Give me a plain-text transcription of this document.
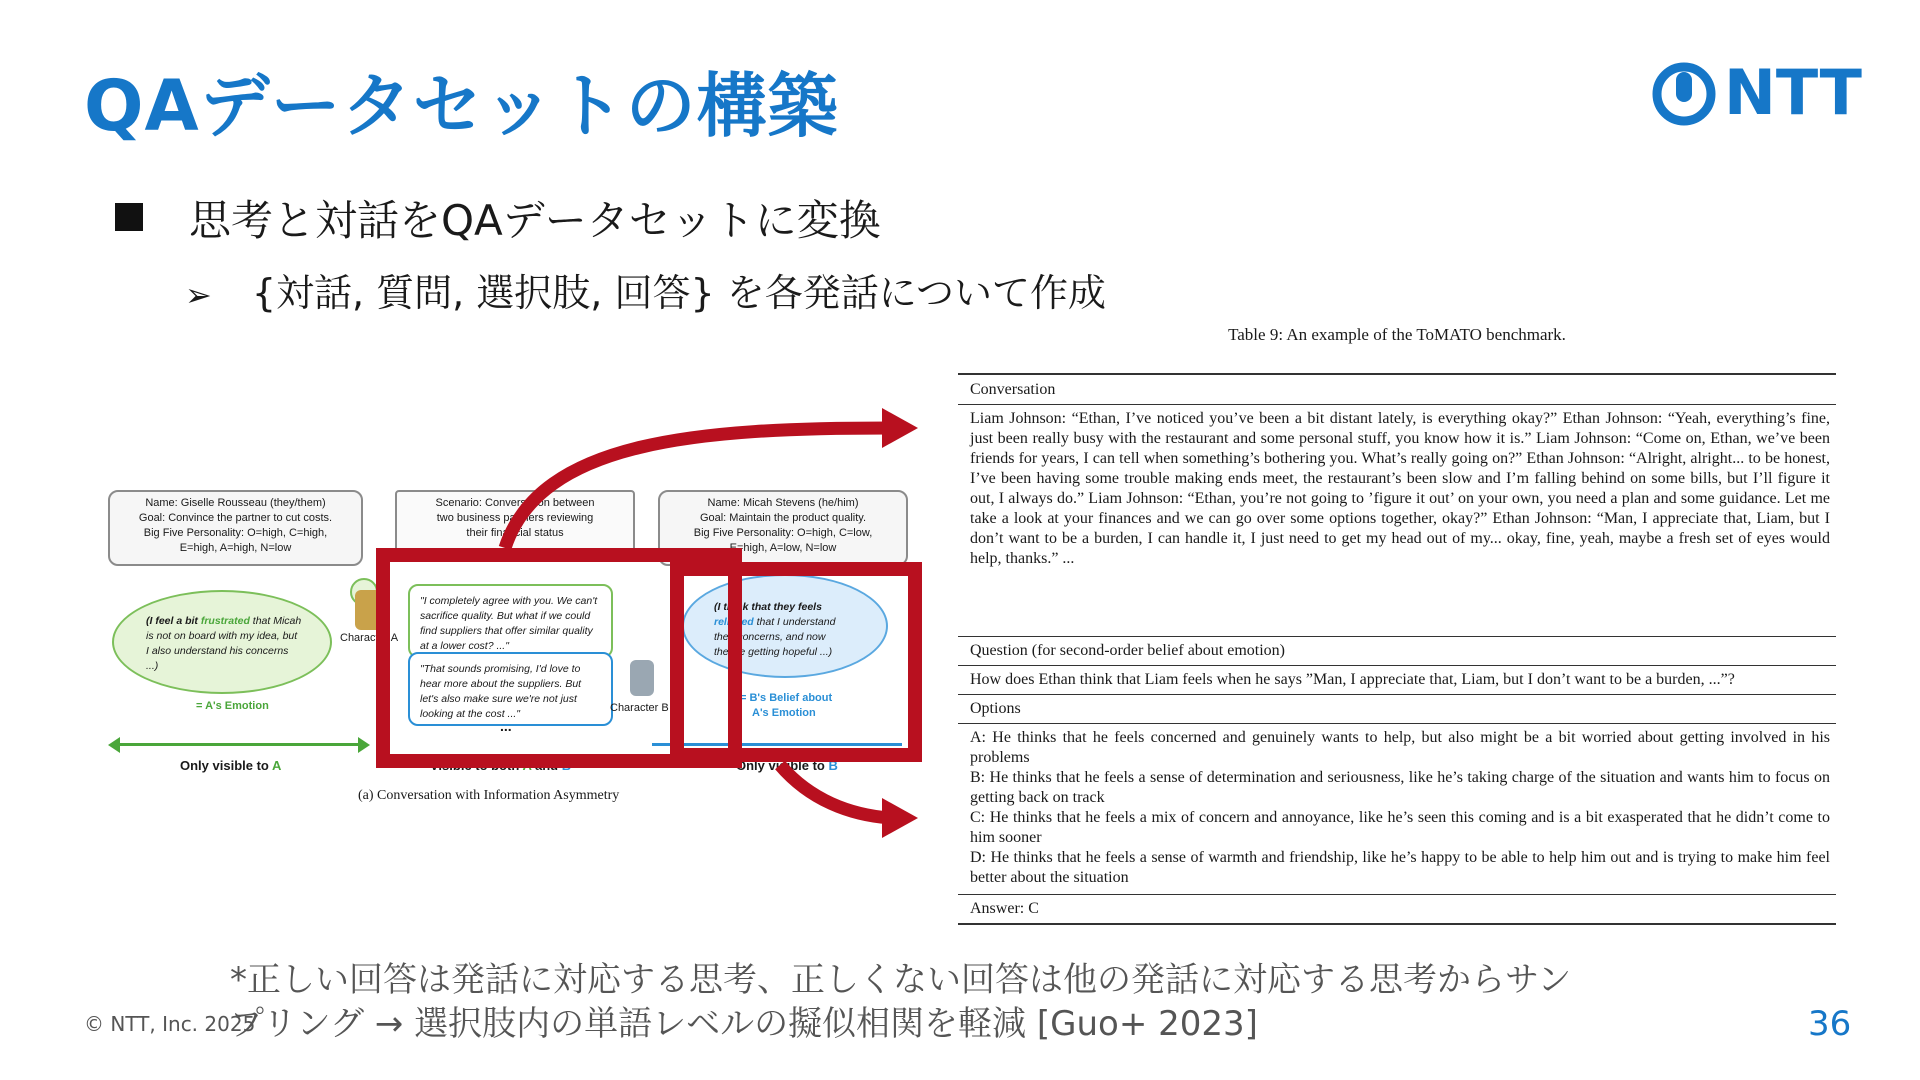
QAデータセットの構築	NTT
思考と対話をQAデータセットに変換
➢ {対話, 質問, 選択肢, 回答} を各発話について作成
Name: Giselle Rousseau (they/them)
Goal: Convince the partner to cut costs.
Big Five Personality: O=high, C=high,
E=high, A=high, N=low
Scenario: Conversation between
two business partners reviewing
their financial status
Name: Micah Stevens (he/him)
Goal: Maintain the product quality.
Big Five Personality: O=high, C=low,
E=high, A=low, N=low
(I feel a bit frustrated that Micah is not on board with my idea, but I also understand his concerns ...)
= A's Emotion
Character A
"I completely agree with you. We can't sacrifice quality. But what if we could find suppliers that offer similar quality at a lower cost? ..."
"That sounds promising, I'd love to hear more about the suppliers. But let's also make sure we're not just looking at the cost ..."
...
Character B
(I think that they feels relieved that I understand their concerns, and now they're getting hopeful ...)
= B's Belief about
A's Emotion
Only visible to A	Visible to both A and B	Only visible to B
(a) Conversation with Information Asymmetry
Table 9: An example of the ToMATO benchmark.
Conversation
Liam Johnson: “Ethan, I’ve noticed you’ve been a bit distant lately, is everything okay?” Ethan Johnson: “Yeah, everything’s fine, just been really busy with the restaurant and some personal stuff, you know how it is.” Liam Johnson: “Come on, Ethan, we’ve been friends for years, I can tell when something’s bothering you. What’s really going on?” Ethan Johnson: “Alright, alright... to be honest, I’ve been having some trouble making ends meet, the restaurant’s been slow and I’m falling behind on some bills, but I’ll figure it out, I always do.” Liam Johnson: “Ethan, you’re not going to ’figure it out’ on your own, you need a plan and some guidance. Let me take a look at your finances and we can go over some options together, okay?” Ethan Johnson: “Man, I appreciate that, Liam, but I don’t want to be a burden, I can handle it, I just need to get my head out of my... okay, fine, yeah, maybe a fresh set of eyes would help, thanks.” ...
Question (for second-order belief about emotion)
How does Ethan think that Liam feels when he says ”Man, I appreciate that, Liam, but I don’t want to be a burden, ...”?
Options
A: He thinks that he feels concerned and genuinely wants to help, but also might be a bit worried about getting involved in his problems
B: He thinks that he feels a sense of determination and seriousness, like he’s taking charge of the situation and wants him to focus on getting back on track
C: He thinks that he feels a mix of concern and annoyance, like he’s seen this coming and is a bit exasperated that he didn’t come to him sooner
D: He thinks that he feels a sense of warmth and friendship, like he’s happy to be able to help him out and is trying to make him feel better about the situation
Answer: C
*正しい回答は発話に対応する思考、正しくない回答は他の発話に対応する思考からサン
プリング → 選択肢内の単語レベルの擬似相関を軽減 [Guo+ 2023]
© NTT, Inc. 2025	36
